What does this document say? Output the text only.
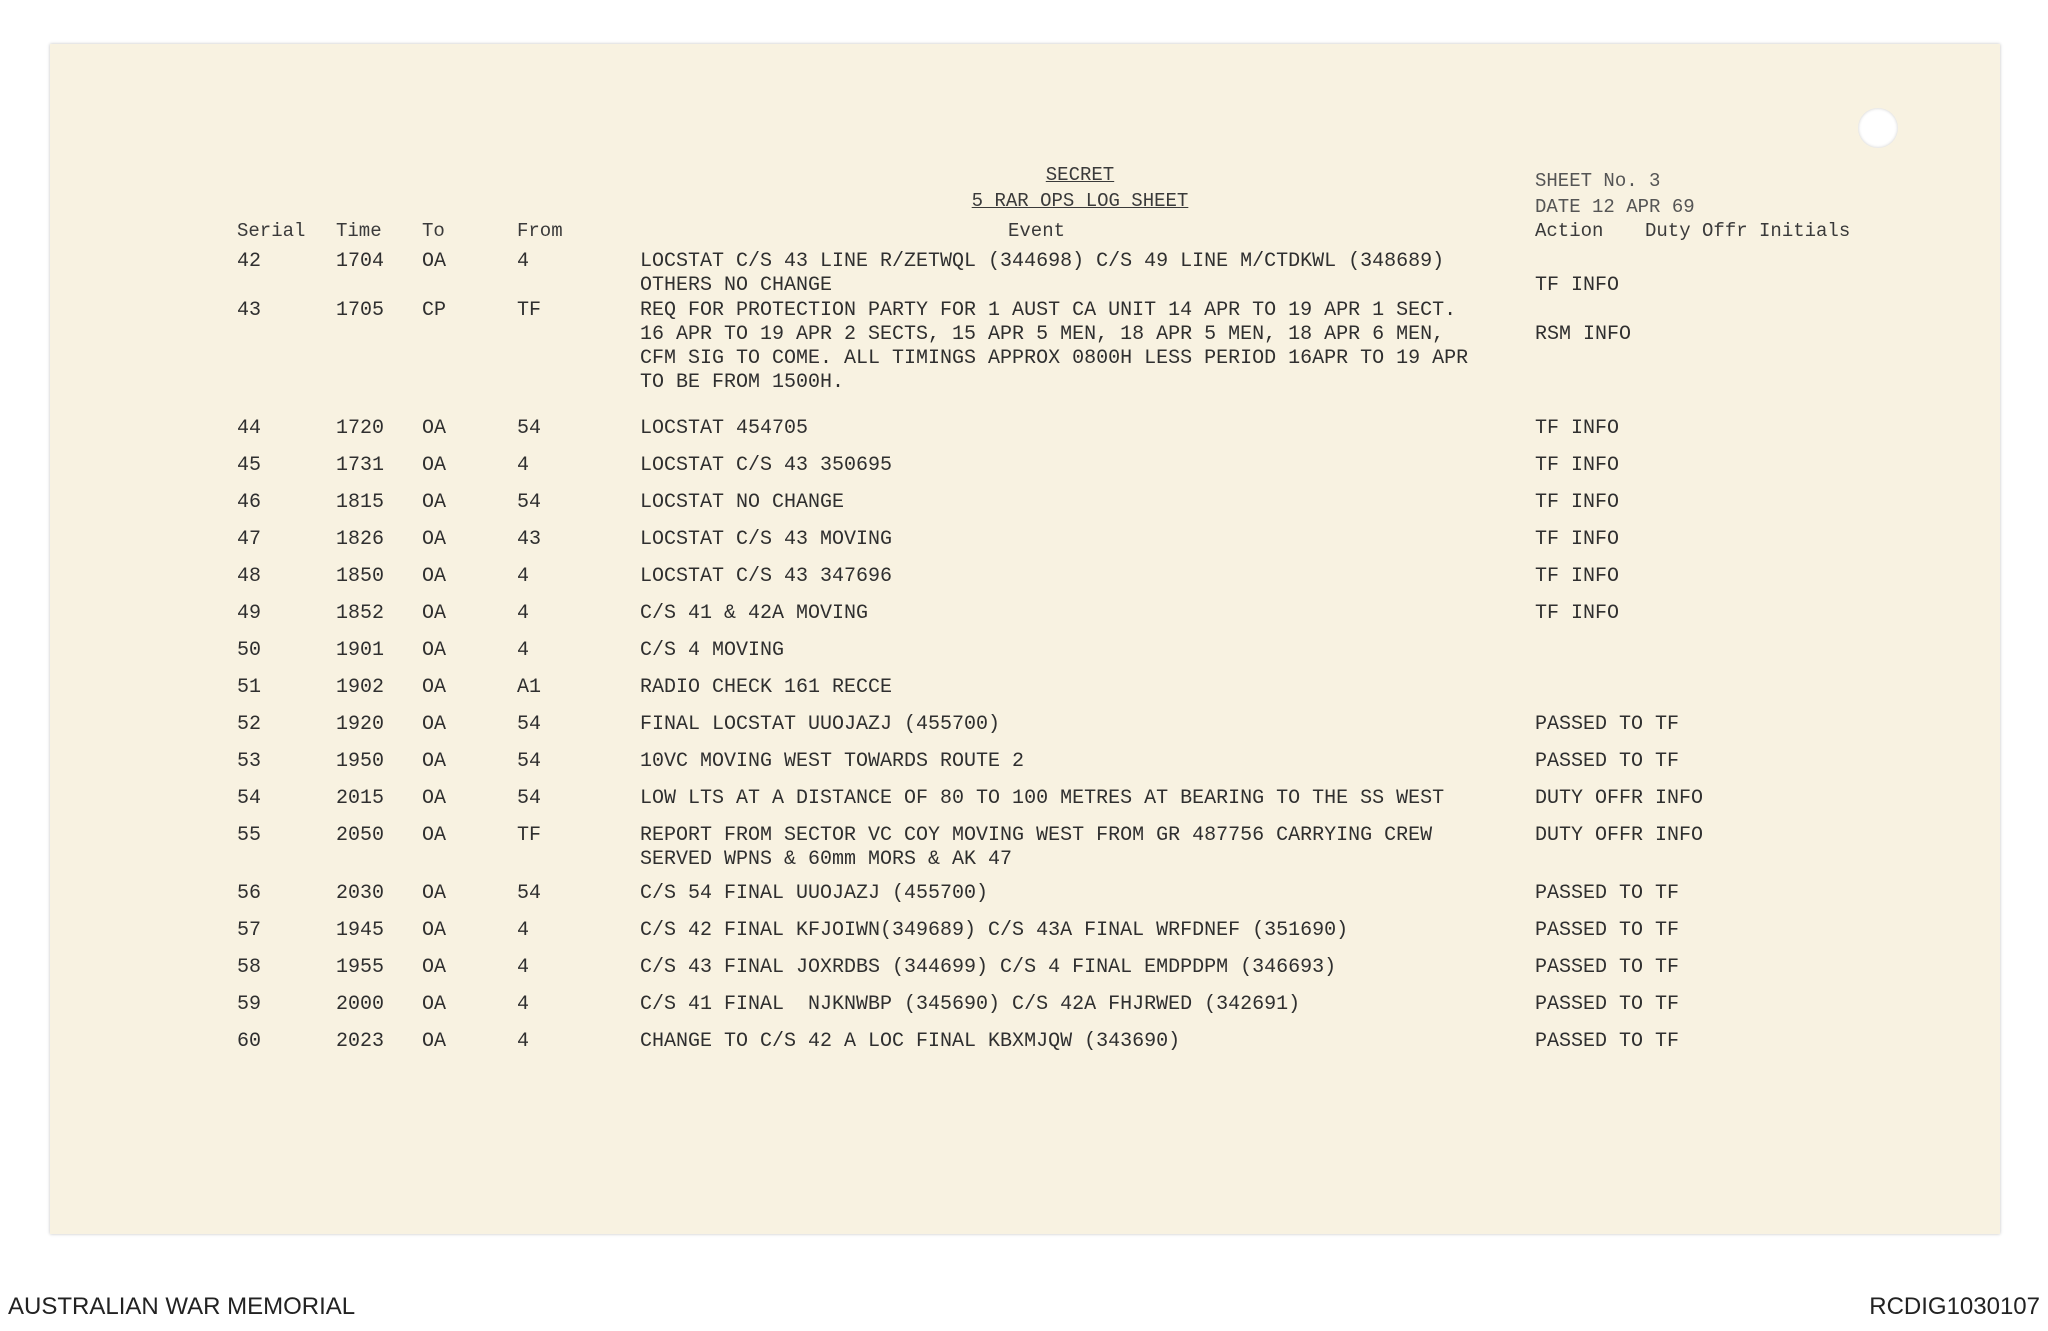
SECRET
5 RAR OPS LOG SHEET
SHEET No. 3
DATE 12 APR 69
Serial Time To	From	Event	Action Duty Offr Initials
42	1704 OA	4	LOCSTAT C/S 43 LINE R/ZETWQL (344698) C/S 49 LINE M/CTDKWL (348689)
OTHERS NO CHANGE	TF INFO
43	1705 CP	TF	REQ FOR PROTECTION PARTY FOR 1 AUST CA UNIT 14 APR TO 19 APR 1 SECT.
16 APR TO 19 APR 2 SECTS, 15 APR 5 MEN, 18 APR 5 MEN, 18 APR 6 MEN,
CFM SIG TO COME. ALL TIMINGS APPROX 0800H LESS PERIOD 16APR TO 19 APR
TO BE FROM 1500H.
RSM INFO
44	1720 OA	54	LOCSTAT 454705	TF INFO
45	1731 OA	4	LOCSTAT C/S 43 350695	TF INFO
46	1815 OA	54	LOCSTAT NO CHANGE	TF INFO
47	1826 OA	43	LOCSTAT C/S 43 MOVING	TF INFO
48	1850 OA	4	LOCSTAT C/S 43 347696	TF INFO
49	1852 OA	4	C/S 41 & 42A MOVING	TF INFO
50	1901 OA	4	C/S 4 MOVING
51	1902 OA	A1	RADIO CHECK 161 RECCE
52	1920 OA	54	FINAL LOCSTAT UUOJAZJ (455700)	PASSED TO TF
53	1950 OA	54	10VC MOVING WEST TOWARDS ROUTE 2	PASSED TO TF
54	2015 OA	54	LOW LTS AT A DISTANCE OF 80 TO 100 METRES AT BEARING TO THE SS WEST	DUTY OFFR INFO
55	2050 OA	TF	REPORT FROM SECTOR VC COY MOVING WEST FROM GR 487756 CARRYING CREW
SERVED WPNS & 60mm MORS & AK 47
DUTY OFFR INFO
56	2030 OA	54	C/S 54 FINAL UUOJAZJ (455700)	PASSED TO TF
57	1945 OA	4	C/S 42 FINAL KFJOIWN(349689) C/S 43A FINAL WRFDNEF (351690)	PASSED TO TF
58	1955 OA	4	C/S 43 FINAL JOXRDBS (344699) C/S 4 FINAL EMDPDPM (346693)	PASSED TO TF
59	2000 OA	4	C/S 41 FINAL  NJKNWBP (345690) C/S 42A FHJRWED (342691)	PASSED TO TF
60	2023 OA	4	CHANGE TO C/S 42 A LOC FINAL KBXMJQW (343690)	PASSED TO TF
AUSTRALIAN WAR MEMORIAL	RCDIG1030107
